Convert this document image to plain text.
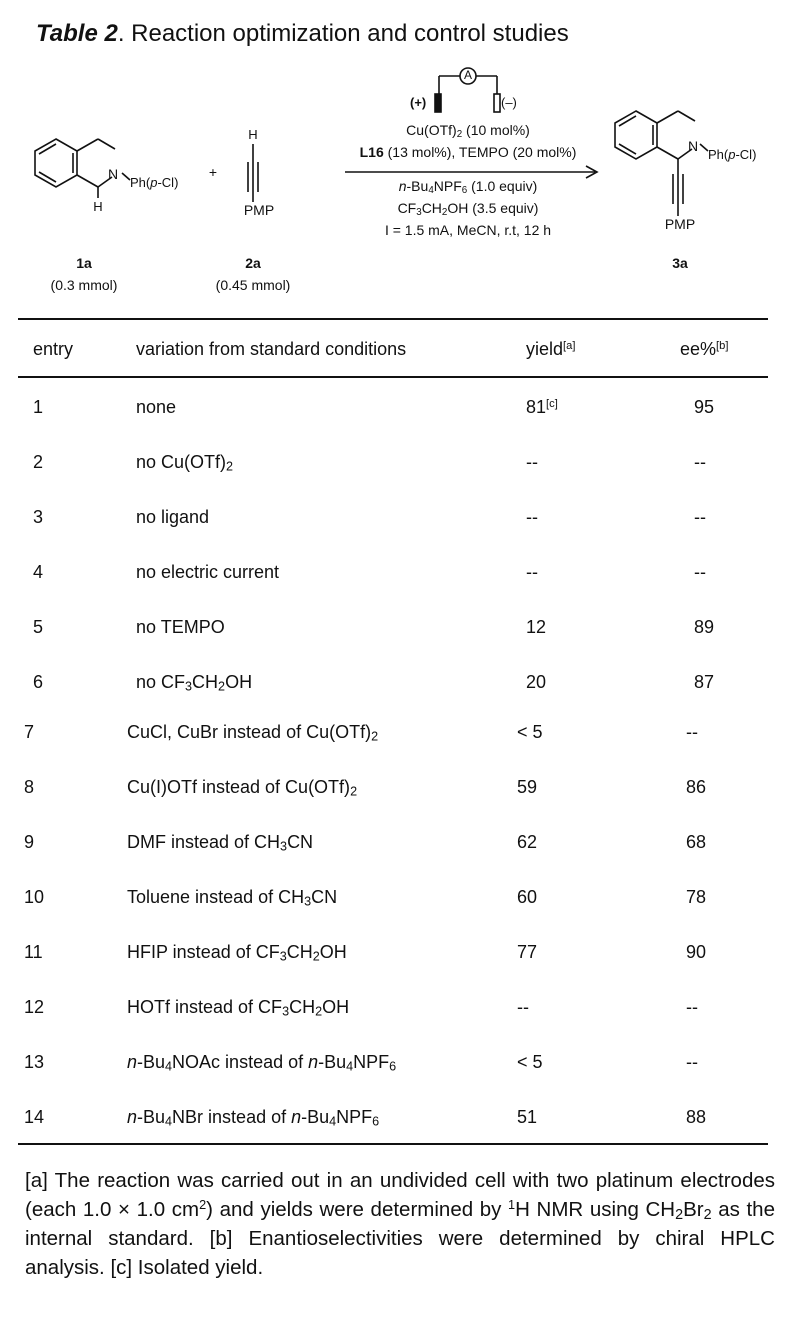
Table 2. Reaction optimization and control studies
N
Ph(p-Cl)
H
1a
(0.3 mmol)
+
H
PMP
2a
(0.45 mmol)
A
(+)	(–)
$Cu(OTf)_2$ (10 mol%)
L16 (13 mol%), TEMPO (20 mol%)
$n-Bu_4NPF_6$ (1.0 equiv)
$CF_3CH_2OH$ (3.5 equiv)
I = 1.5 mA, MeCN, r.t, 12 h
N
Ph(p-Cl)
PMP
3a
entry	variation from standard conditions	yield[a]	ee%[b]
1	none	81[c]	95
2	no $Cu(OTf)_2$	--	--
3	no ligand	--	--
4	no electric current	--	--
5	no TEMPO	12	89
6	no $CF_3CH_2OH$	20	87
7	CuCl, CuBr instead of $Cu(OTf)_2$	< 5	--
8	Cu(I)OTf instead of $Cu(OTf)_2$	59	86
9	DMF instead of $CH_3CN$	62	68
10	Toluene instead of $CH_3CN$	60	78
11	HFIP instead of $CF_3CH_2OH$	77	90
12	HOTf instead of $CF_3CH_2OH$	--	--
13	$n-Bu_4NOAc$ instead of $n-Bu_4NPF_6$	< 5	--
14	$n-Bu_4NBr$ instead of $n-Bu_4NPF_6$	51	88
[a] The reaction was carried out in an undivided cell with two platinum electrodes (each 1.0 × 1.0 $cm^2$) and yields were determined by $^1$H NMR using $CH_2Br_2$ as the internal standard. [b] Enantioselectivities were determined by chiral HPLC analysis. [c] Isolated yield.
